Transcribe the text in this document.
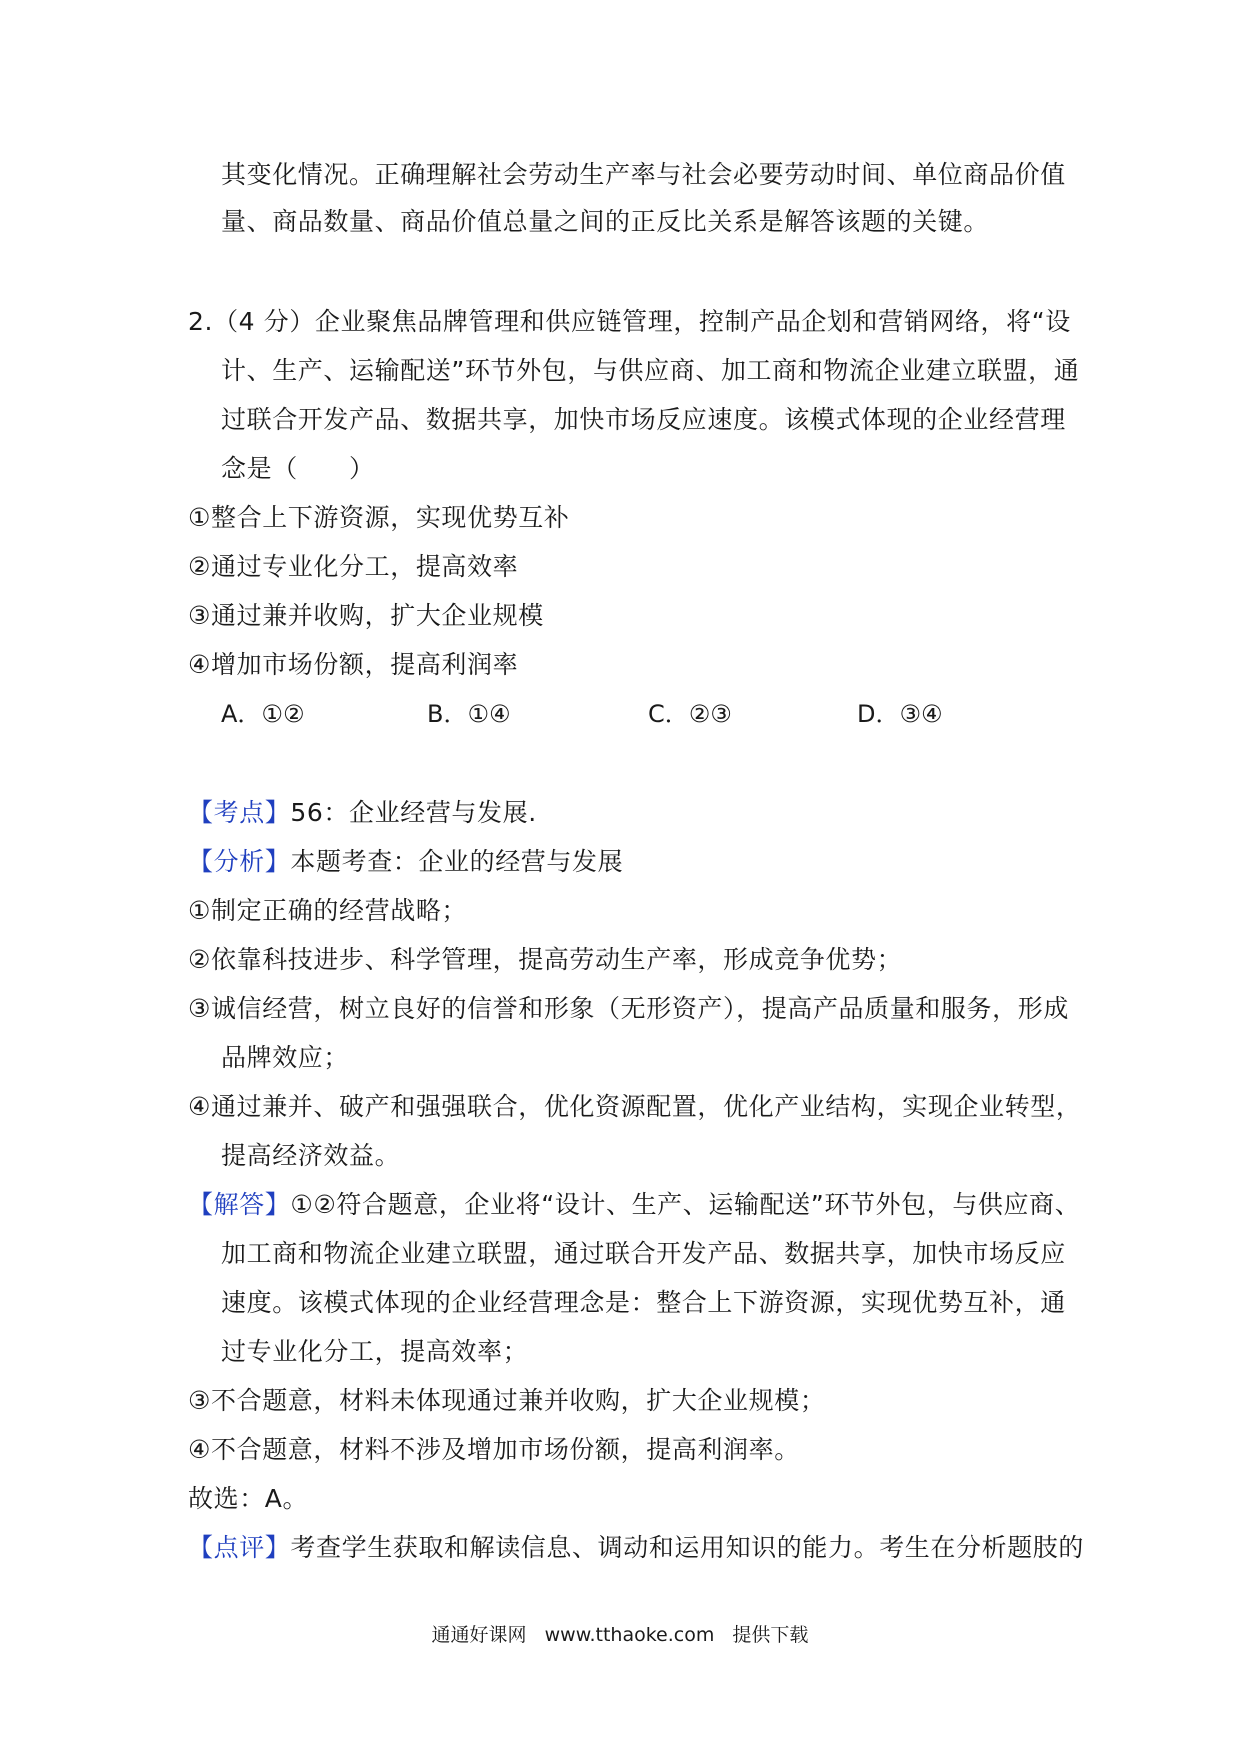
其变化情况。正确理解社会劳动生产率与社会必要劳动时间、单位商品价值
量、商品数量、商品价值总量之间的正反比关系是解答该题的关键。
2.（4 分）企业聚焦品牌管理和供应链管理，控制产品企划和营销网络，将“设
计、生产、运输配送”环节外包，与供应商、加工商和物流企业建立联盟，通
过联合开发产品、数据共享，加快市场反应速度。该模式体现的企业经营理
念是（　　）
①整合上下游资源，实现优势互补
②通过专业化分工，提高效率
③通过兼并收购，扩大企业规模
④增加市场份额，提高利润率
A．①②	B．①④	C．②③	D．③④
【考点】56：企业经营与发展.
【分析】本题考查：企业的经营与发展
①制定正确的经营战略；
②依靠科技进步、科学管理，提高劳动生产率，形成竞争优势；
③诚信经营，树立良好的信誉和形象（无形资产），提高产品质量和服务，形成
品牌效应；
④通过兼并、破产和强强联合，优化资源配置，优化产业结构，实现企业转型，
提高经济效益。
【解答】①②符合题意，企业将“设计、生产、运输配送”环节外包，与供应商、
加工商和物流企业建立联盟，通过联合开发产品、数据共享，加快市场反应
速度。该模式体现的企业经营理念是：整合上下游资源，实现优势互补，通
过专业化分工，提高效率；
③不合题意，材料未体现通过兼并收购，扩大企业规模；
④不合题意，材料不涉及增加市场份额，提高利润率。
故选：A。
【点评】考查学生获取和解读信息、调动和运用知识的能力。考生在分析题肢的
通通好课网 www.tthaoke.com 提供下载
